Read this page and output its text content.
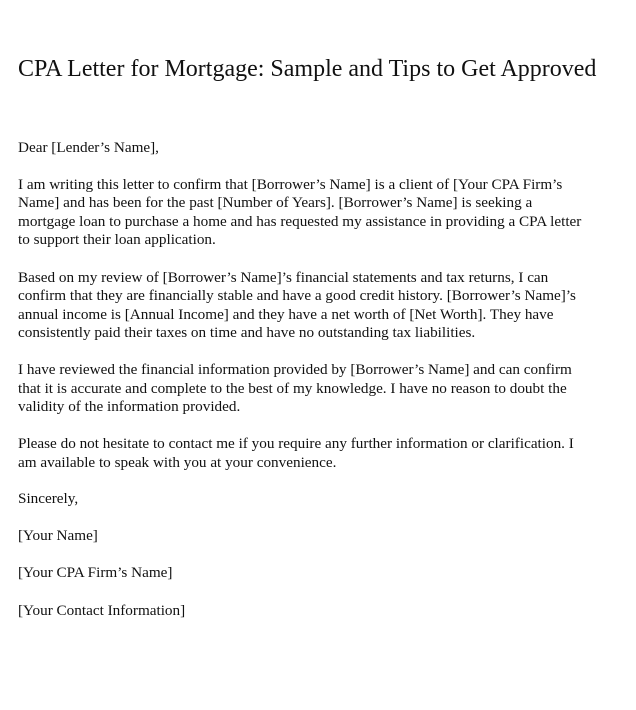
CPA Letter for Mortgage: Sample and Tips to Get Approved

Dear [Lender’s Name],

I am writing this letter to confirm that [Borrower’s Name] is a client of [Your CPA Firm’s

Name] and has been for the past [Number of Years]. [Borrower’s Name] is seeking a

mortgage loan to purchase a home and has requested my assistance in providing a CPA letter

to support their loan application.

Based on my review of [Borrower’s Name]’s financial statements and tax returns, I can

confirm that they are financially stable and have a good credit history. [Borrower’s Name]’s

annual income is [Annual Income] and they have a net worth of [Net Worth]. They have

consistently paid their taxes on time and have no outstanding tax liabilities.

I have reviewed the financial information provided by [Borrower’s Name] and can confirm

that it is accurate and complete to the best of my knowledge. I have no reason to doubt the

validity of the information provided.

Please do not hesitate to contact me if you require any further information or clarification. I

am available to speak with you at your convenience.

Sincerely,

[Your Name]

[Your CPA Firm’s Name]

[Your Contact Information]
